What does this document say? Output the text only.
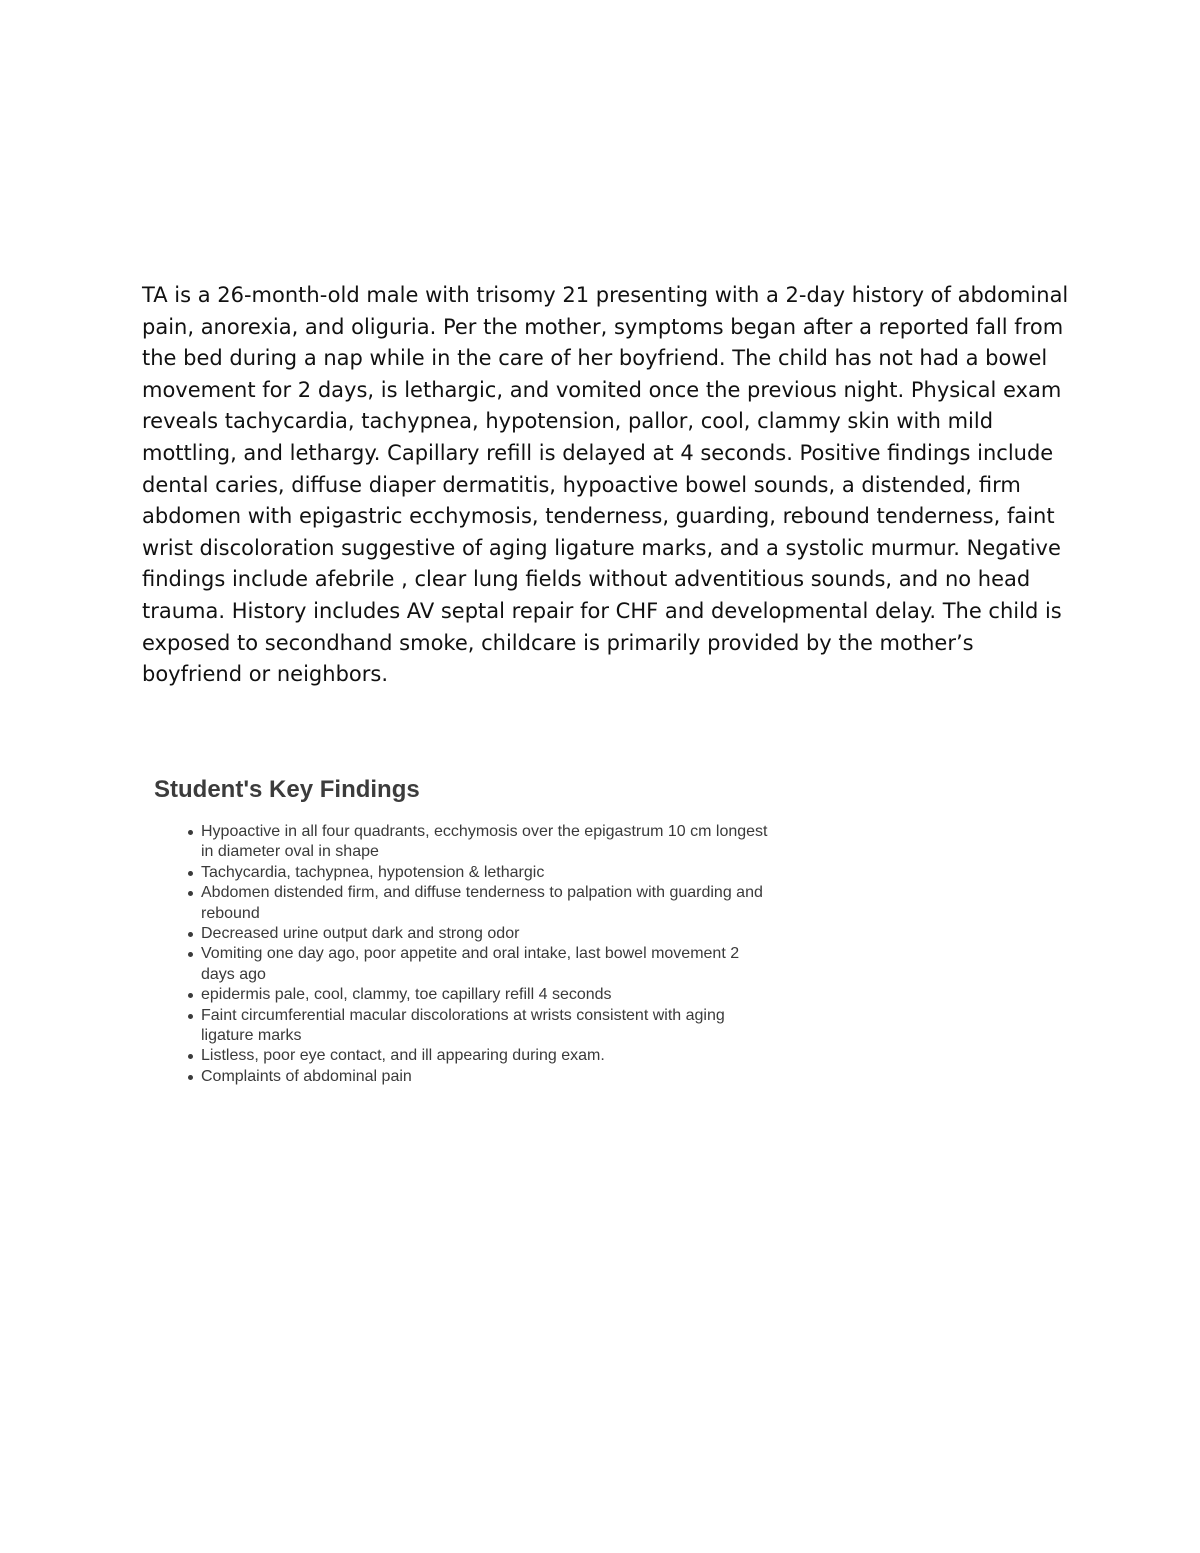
TA is a 26-month-old male with trisomy 21 presenting with a 2-day history of abdominal pain, anorexia, and oliguria. Per the mother, symptoms began after a reported fall from the bed during a nap while in the care of her boyfriend. The child has not had a bowel movement for 2 days, is lethargic, and vomited once the previous night. Physical exam reveals tachycardia, tachypnea, hypotension, pallor, cool, clammy skin with mild mottling, and lethargy. Capillary refill is delayed at 4 seconds. Positive findings include dental caries, diffuse diaper dermatitis, hypoactive bowel sounds, a distended, firm abdomen with epigastric ecchymosis, tenderness, guarding, rebound tenderness, faint wrist discoloration suggestive of aging ligature marks, and a systolic murmur. Negative findings include afebrile , clear lung fields without adventitious sounds, and no head trauma. History includes AV septal repair for CHF and developmental delay. The child is exposed to secondhand smoke, childcare is primarily provided by the mother’s boyfriend or neighbors.

Student's Key Findings
Hypoactive in all four quadrants, ecchymosis over the epigastrum 10 cm longest in diameter oval in shape
Tachycardia, tachypnea, hypotension & lethargic
Abdomen distended firm, and diffuse tenderness to palpation with guarding and rebound
Decreased urine output dark and strong odor
Vomiting one day ago, poor appetite and oral intake, last bowel movement 2 days ago
epidermis pale, cool, clammy, toe capillary refill 4 seconds
Faint circumferential macular discolorations at wrists consistent with aging ligature marks
Listless, poor eye contact, and ill appearing during exam.
Complaints of abdominal pain
